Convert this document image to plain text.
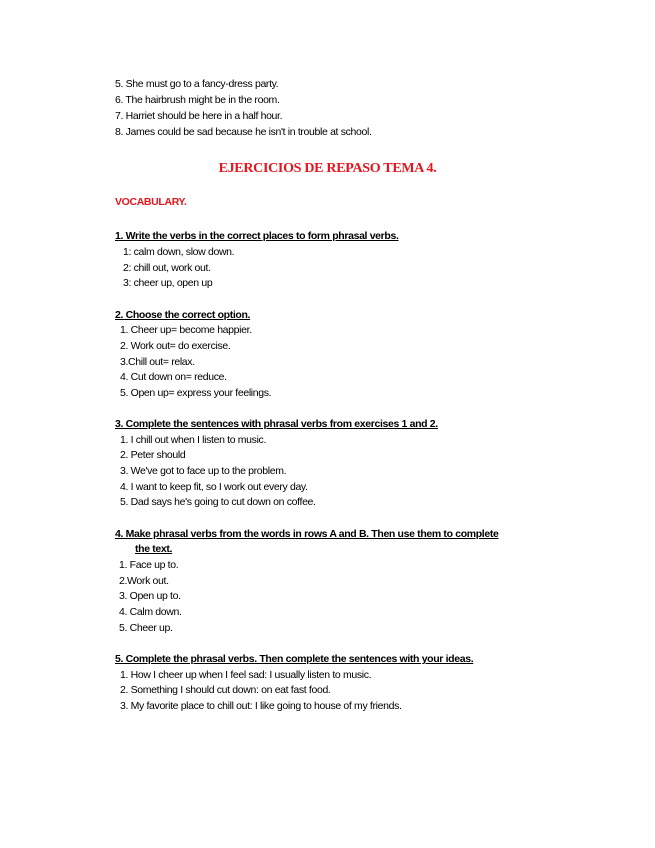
5. She must go to a fancy-dress party.
6. The hairbrush might be in the room.
7. Harriet should be here in a half hour.
8. James could be sad because he isn't in trouble at school.
EJERCICIOS DE REPASO TEMA 4.
VOCABULARY.
1. Write the verbs in the correct places to form phrasal verbs.
1: calm down, slow down.
2: chill out, work out.
3: cheer up, open up
2. Choose the correct option.
1. Cheer up= become happier.
2. Work out= do exercise.
3.Chill out= relax.
4. Cut down on= reduce.
5. Open up= express your feelings.
3. Complete the sentences with phrasal verbs from exercises 1 and 2.
1. I chill out when I listen to music.
2. Peter should
3. We've got to face up to the problem.
4. I want to keep fit, so I work out every day.
5. Dad says he's going to cut down on coffee.
4. Make phrasal verbs from the words in rows A and B. Then use them to complete
the text.
1. Face up to.
2.Work out.
3. Open up to.
4. Calm down.
5. Cheer up.
5. Complete the phrasal verbs. Then complete the sentences with your ideas.
1. How I cheer up when I feel sad: I usually listen to music.
2. Something I should cut down: on eat fast food.
3. My favorite place to chill out: I like going to house of my friends.
